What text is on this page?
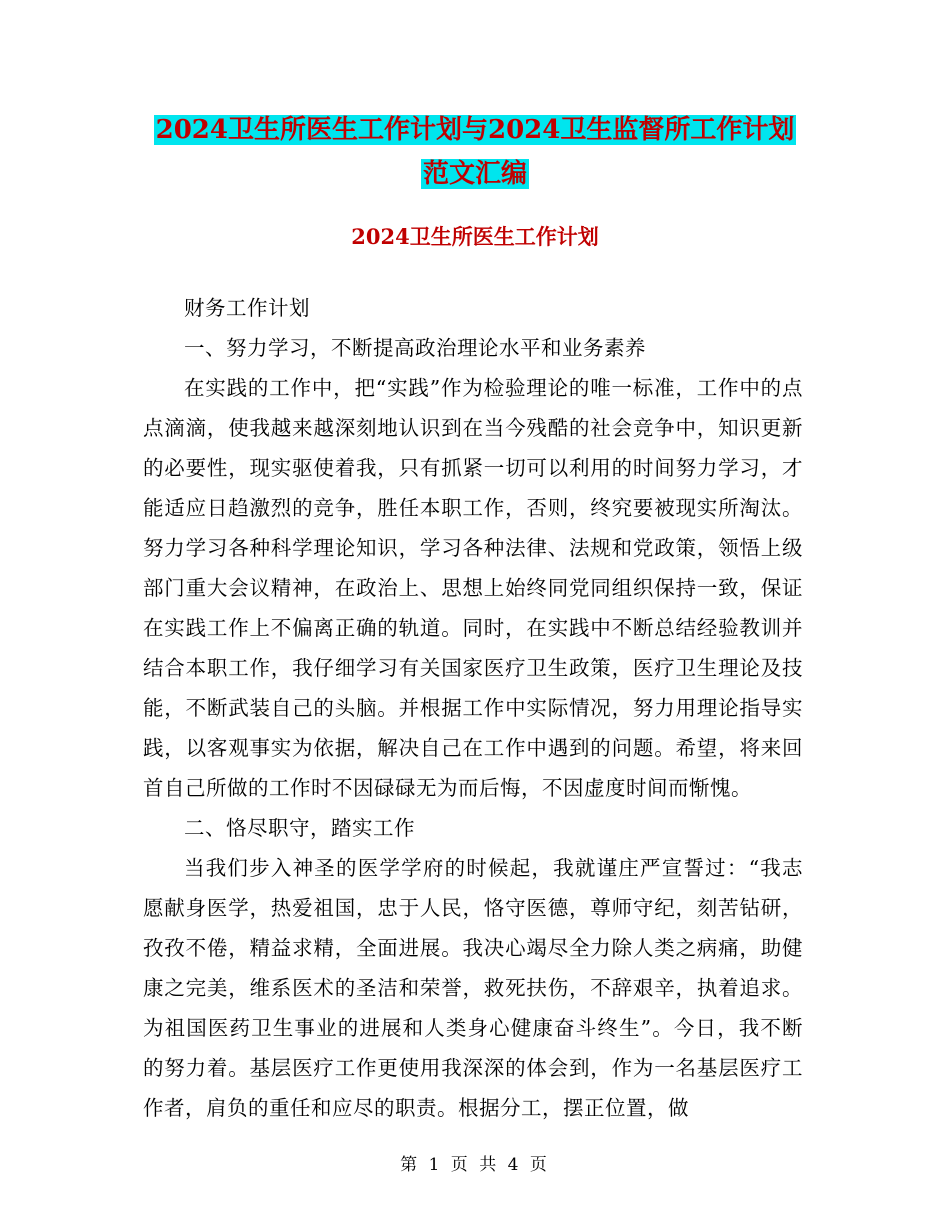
2024卫生所医生工作计划与2024卫生监督所工作计划
范文汇编
2024卫生所医生工作计划

财务工作计划

一、努力学习，不断提高政治理论水平和业务素养

在实践的工作中，把“实践”作为检验理论的唯一标准，工作中的点点滴滴，使我越来越深刻地认识到在当今残酷的社会竞争中，知识更新的必要性，现实驱使着我，只有抓紧一切可以利用的时间努力学习，才能适应日趋激烈的竞争，胜任本职工作，否则，终究要被现实所淘汰。努力学习各种科学理论知识，学习各种法律、法规和党政策，领悟上级部门重大会议精神，在政治上、思想上始终同党同组织保持一致，保证在实践工作上不偏离正确的轨道。同时，在实践中不断总结经验教训并结合本职工作，我仔细学习有关国家医疗卫生政策，医疗卫生理论及技能，不断武装自己的头脑。并根据工作中实际情况，努力用理论指导实践，以客观事实为依据，解决自己在工作中遇到的问题。希望，将来回首自己所做的工作时不因碌碌无为而后悔，不因虚度时间而惭愧。

二、恪尽职守，踏实工作

当我们步入神圣的医学学府的时候起，我就谨庄严宣誓过：“我志愿献身医学，热爱祖国，忠于人民，恪守医德，尊师守纪，刻苦钻研，孜孜不倦，精益求精，全面进展。我决心竭尽全力除人类之病痛，助健康之完美，维系医术的圣洁和荣誉，救死扶伤，不辞艰辛，执着追求。为祖国医药卫生事业的进展和人类身心健康奋斗终生”。今日，我不断的努力着。基层医疗工作更使用我深深的体会到，作为一名基层医疗工作者，肩负的重任和应尽的职责。根据分工，摆正位置，做

第 1 页 共 4 页
